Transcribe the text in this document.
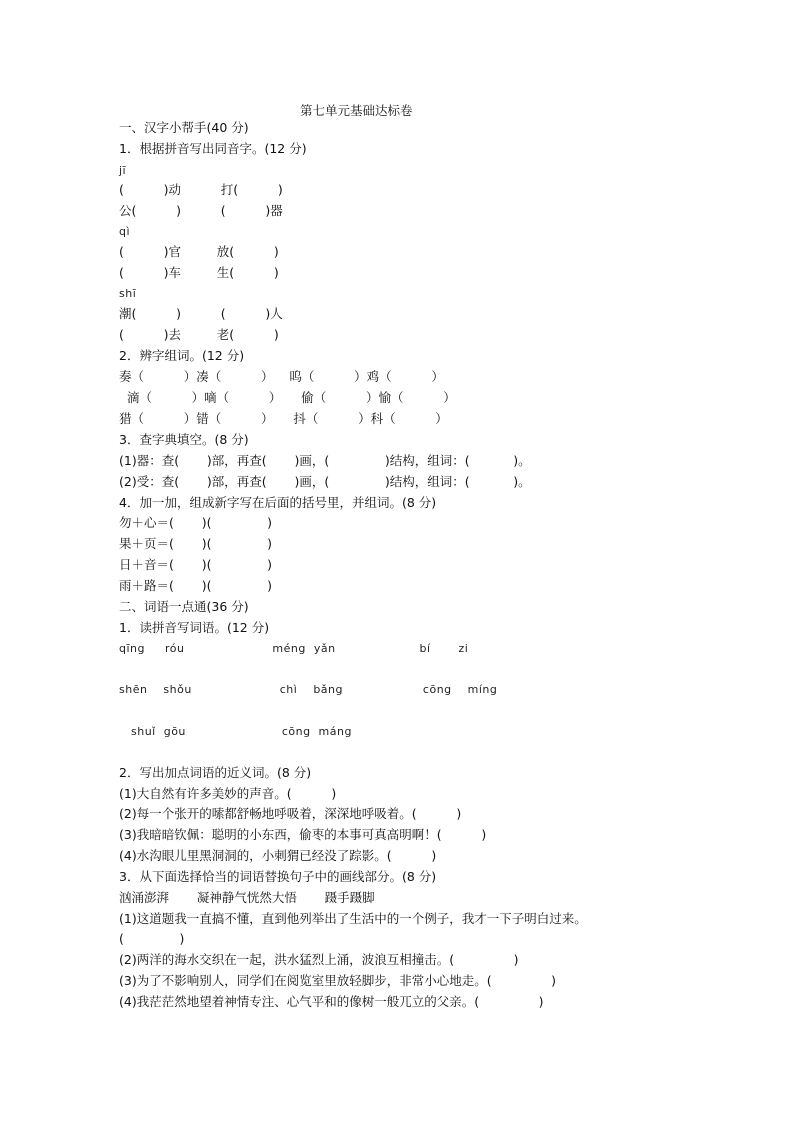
第七单元基础达标卷
一、汉字小帮手(40 分)
1．根据拼音写出同音字。(12 分)
jī
(          )动          打(          )
公(          )          (          )器
qì
(          )官         放(          )
(          )车         生(          )
shī
潮(          )          (          )人
(          )去         老(          )
2．辨字组词。(12 分)
奏（          ）凑（          ）    呜（          ）鸡（          ）
滴（          ）嘀（          ）     偷（          ）愉（          ）
猎（          ）错（          ）     抖（          ）科（          ）
3．查字典填空。(8 分)
(1)器：查(       )部，再查(       )画，(              )结构，组词：(           )。
(2)受：查(       )部，再查(       )画，(              )结构，组词：(           )。
4．加一加，组成新字写在后面的括号里，并组词。(8 分)
勿＋心＝(       )(              )
果＋页＝(       )(              )
日＋音＝(       )(              )
雨＋路＝(       )(              )
二、词语一点通(36 分)
1．读拼音写词语。(12 分)
qīng     róu                      méng  yǎn                     bí       zi
shēn    shǒu                      chì    bǎng                    cōng    míng
shuǐ  gōu                        cōng  máng
2．写出加点词语的近义词。(8 分)
(1)大自然有许多美妙的声音。(          )
(2)每一个张开的嗦都舒畅地呼吸着，深深地呼吸着。(          )
(3)我暗暗钦佩：聪明的小东西，偷枣的本事可真高明啊！(          )
(4)水沟眼儿里黑洞洞的，小刺猬已经没了踪影。(          )
3．从下面选择恰当的词语替换句子中的画线部分。(8 分)
汹涌澎湃       凝神静气恍然大悟       蹑手蹑脚
(1)这道题我一直搞不懂，直到他列举出了生活中的一个例子，我才一下子明白过来。
(              )
(2)两洋的海水交织在一起，洪水猛烈上涌，波浪互相撞击。(               )
(3)为了不影响别人，同学们在阅览室里放轻脚步，非常小心地走。(               )
(4)我茫茫然地望着神情专注、心气平和的像树一般兀立的父亲。(               )
